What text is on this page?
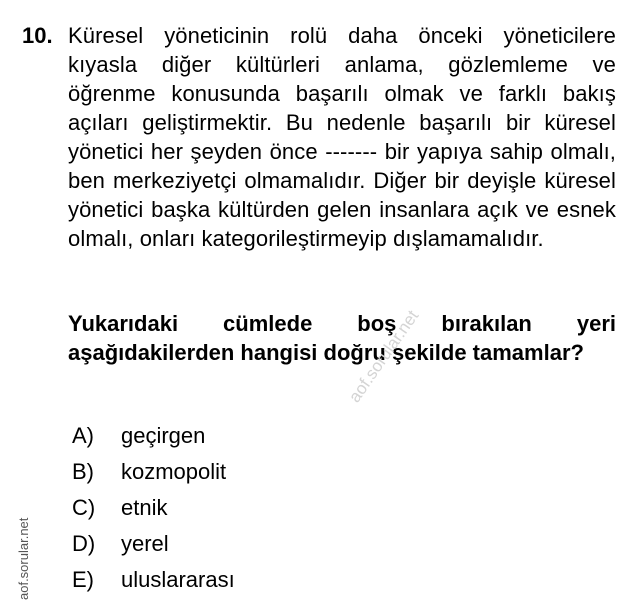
10. Küresel yöneticinin rolü daha önceki yöneticilere kıyasla diğer kültürleri anlama, gözlemleme ve öğrenme konusunda başarılı olmak ve farklı bakış açıları geliştirmektir. Bu nedenle başarılı bir küresel yönetici her şeyden önce ------- bir yapıya sahip olmalı, ben merkeziyetçi olmamalıdır. Diğer bir deyişle küresel yönetici başka kültürden gelen insanlara açık ve esnek olmalı, onları kategorileştirmeyip dışlamamalıdır.
Yukarıdaki cümlede boş bırakılan yeri aşağıdakilerden hangisi doğru şekilde tamamlar?
A)	geçirgen
B)	kozmopolit
C)	etnik
D)	yerel
E)	uluslararası
aof.sorular.net
aof.sorular.net
